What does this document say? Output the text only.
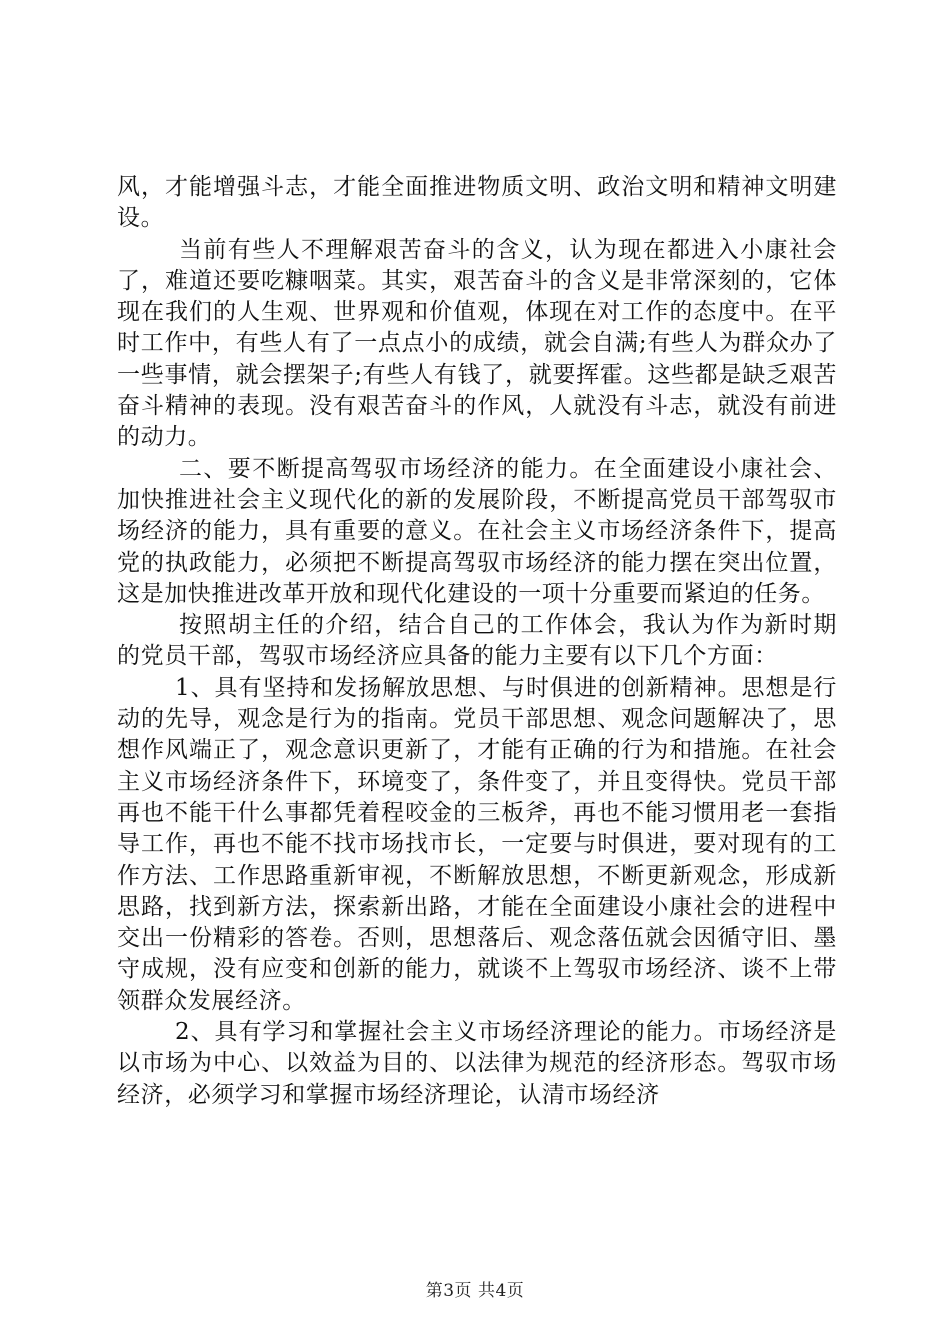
风，才能增强斗志，才能全面推进物质文明、政治文明和精神文明建设。

当前有些人不理解艰苦奋斗的含义，认为现在都进入小康社会了，难道还要吃糠咽菜。其实，艰苦奋斗的含义是非常深刻的，它体现在我们的人生观、世界观和价值观，体现在对工作的态度中。在平时工作中，有些人有了一点点小的成绩，就会自满;有些人为群众办了一些事情，就会摆架子;有些人有钱了，就要挥霍。这些都是缺乏艰苦奋斗精神的表现。没有艰苦奋斗的作风，人就没有斗志，就没有前进的动力。

二、要不断提高驾驭市场经济的能力。在全面建设小康社会、加快推进社会主义现代化的新的发展阶段，不断提高党员干部驾驭市场经济的能力，具有重要的意义。在社会主义市场经济条件下，提高党的执政能力，必须把不断提高驾驭市场经济的能力摆在突出位置，这是加快推进改革开放和现代化建设的一项十分重要而紧迫的任务。

按照胡主任的介绍，结合自己的工作体会，我认为作为新时期的党员干部，驾驭市场经济应具备的能力主要有以下几个方面：

1、具有坚持和发扬解放思想、与时俱进的创新精神。思想是行动的先导，观念是行为的指南。党员干部思想、观念问题解决了，思想作风端正了，观念意识更新了，才能有正确的行为和措施。在社会主义市场经济条件下，环境变了，条件变了，并且变得快。党员干部再也不能干什么事都凭着程咬金的三板斧，再也不能习惯用老一套指导工作，再也不能不找市场找市长，一定要与时俱进，要对现有的工作方法、工作思路重新审视，不断解放思想，不断更新观念，形成新思路，找到新方法，探索新出路，才能在全面建设小康社会的进程中交出一份精彩的答卷。否则，思想落后、观念落伍就会因循守旧、墨守成规，没有应变和创新的能力，就谈不上驾驭市场经济、谈不上带领群众发展经济。

2、具有学习和掌握社会主义市场经济理论的能力。市场经济是以市场为中心、以效益为目的、以法律为规范的经济形态。驾驭市场经济，必须学习和掌握市场经济理论，认清市场经济

第3页 共4页
